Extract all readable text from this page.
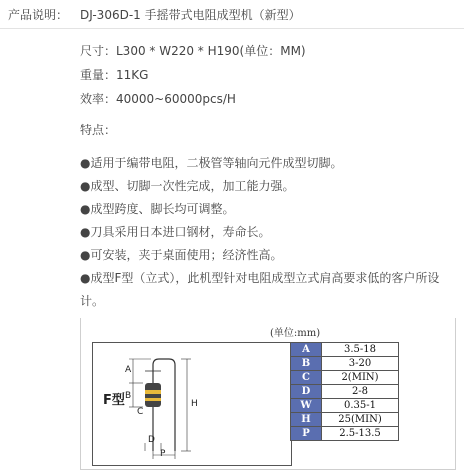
产品说明： DJ-306D-1 手摇带式电阻成型机（新型）
尺寸：L300 * W220 * H190(单位：MM)
重量：11KG
效率：40000~60000pcs/H
特点：
●适用于编带电阻，二极管等轴向元件成型切脚。
●成型、切脚一次性完成，加工能力强。
●成型跨度、脚长均可调整。
●刀具采用日本进口钢材，寿命长。
●可安装，夹于桌面使用；经济性高。
●成型F型（立式），此机型针对电阻成型立式肩高要求低的客户所设计。
(单位:mm)
F型
A
B
C
D
H
P
A	3.5-18
B	3-20
C	2(MIN)
D	2-8
W	0.35-1
H	25(MIN)
P	2.5-13.5
